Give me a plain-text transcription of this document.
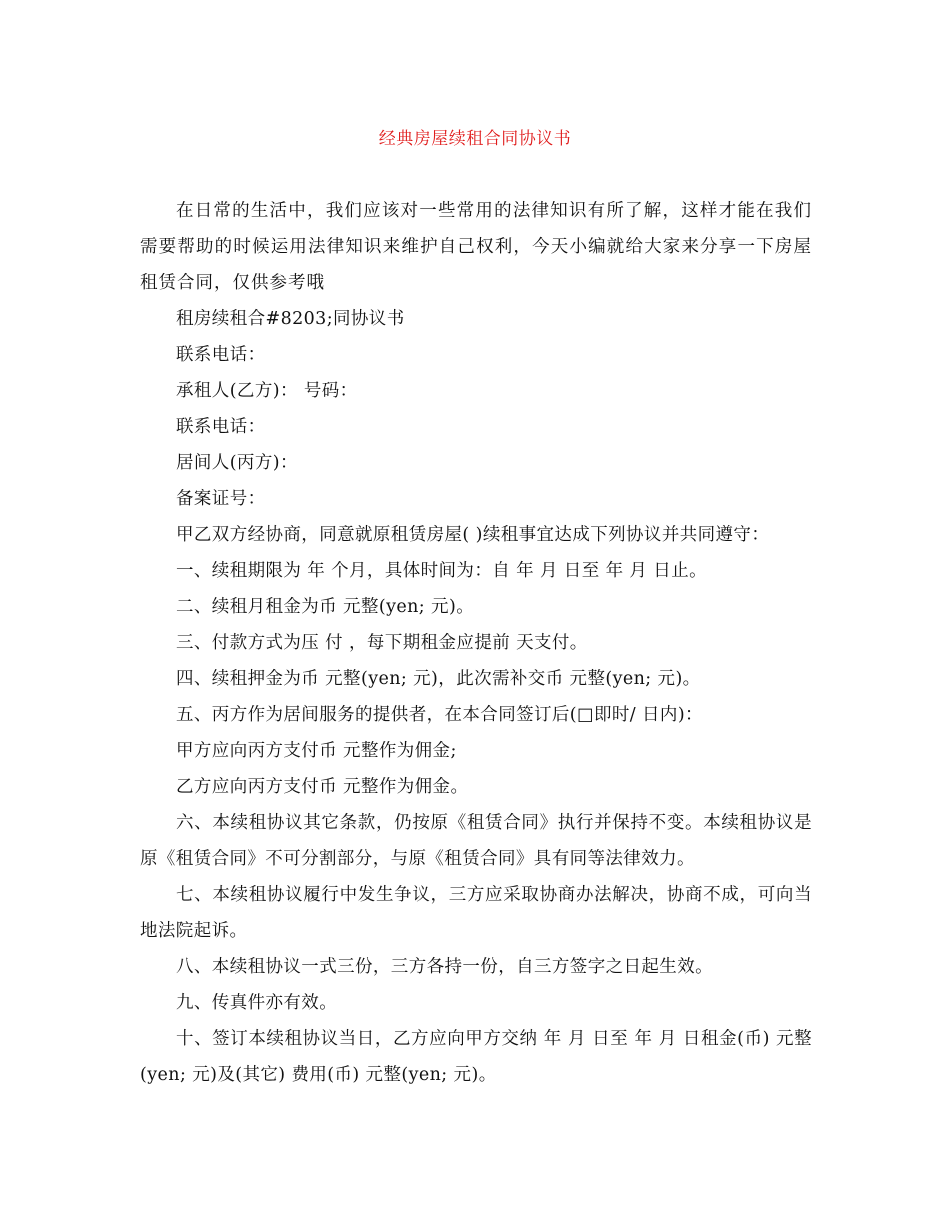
经典房屋续租合同协议书

在日常的生活中，我们应该对一些常用的法律知识有所了解，这样才能在我们需要帮助的时候运用法律知识来维护自己权利，今天小编就给大家来分享一下房屋租赁合同，仅供参考哦

租房续租合#8203;同协议书

联系电话：

承租人(乙方)： 号码：

联系电话：

居间人(丙方)：

备案证号：

甲乙双方经协商，同意就原租赁房屋( )续租事宜达成下列协议并共同遵守：

一、续租期限为 年 个月，具体时间为：自 年 月 日至 年 月 日止。

二、续租月租金为币 元整(yen; 元)。

三、付款方式为压 付 ，每下期租金应提前 天支付。

四、续租押金为币 元整(yen; 元)，此次需补交币 元整(yen; 元)。

五、丙方作为居间服务的提供者，在本合同签订后(□即时/ 日内)：

甲方应向丙方支付币 元整作为佣金;

乙方应向丙方支付币 元整作为佣金。

六、本续租协议其它条款，仍按原《租赁合同》执行并保持不变。本续租协议是原《租赁合同》不可分割部分，与原《租赁合同》具有同等法律效力。

七、本续租协议履行中发生争议，三方应采取协商办法解决，协商不成，可向当地法院起诉。

八、本续租协议一式三份，三方各持一份，自三方签字之日起生效。

九、传真件亦有效。

十、签订本续租协议当日，乙方应向甲方交纳 年 月 日至 年 月 日租金(币) 元整(yen; 元)及(其它) 费用(币) 元整(yen; 元)。
